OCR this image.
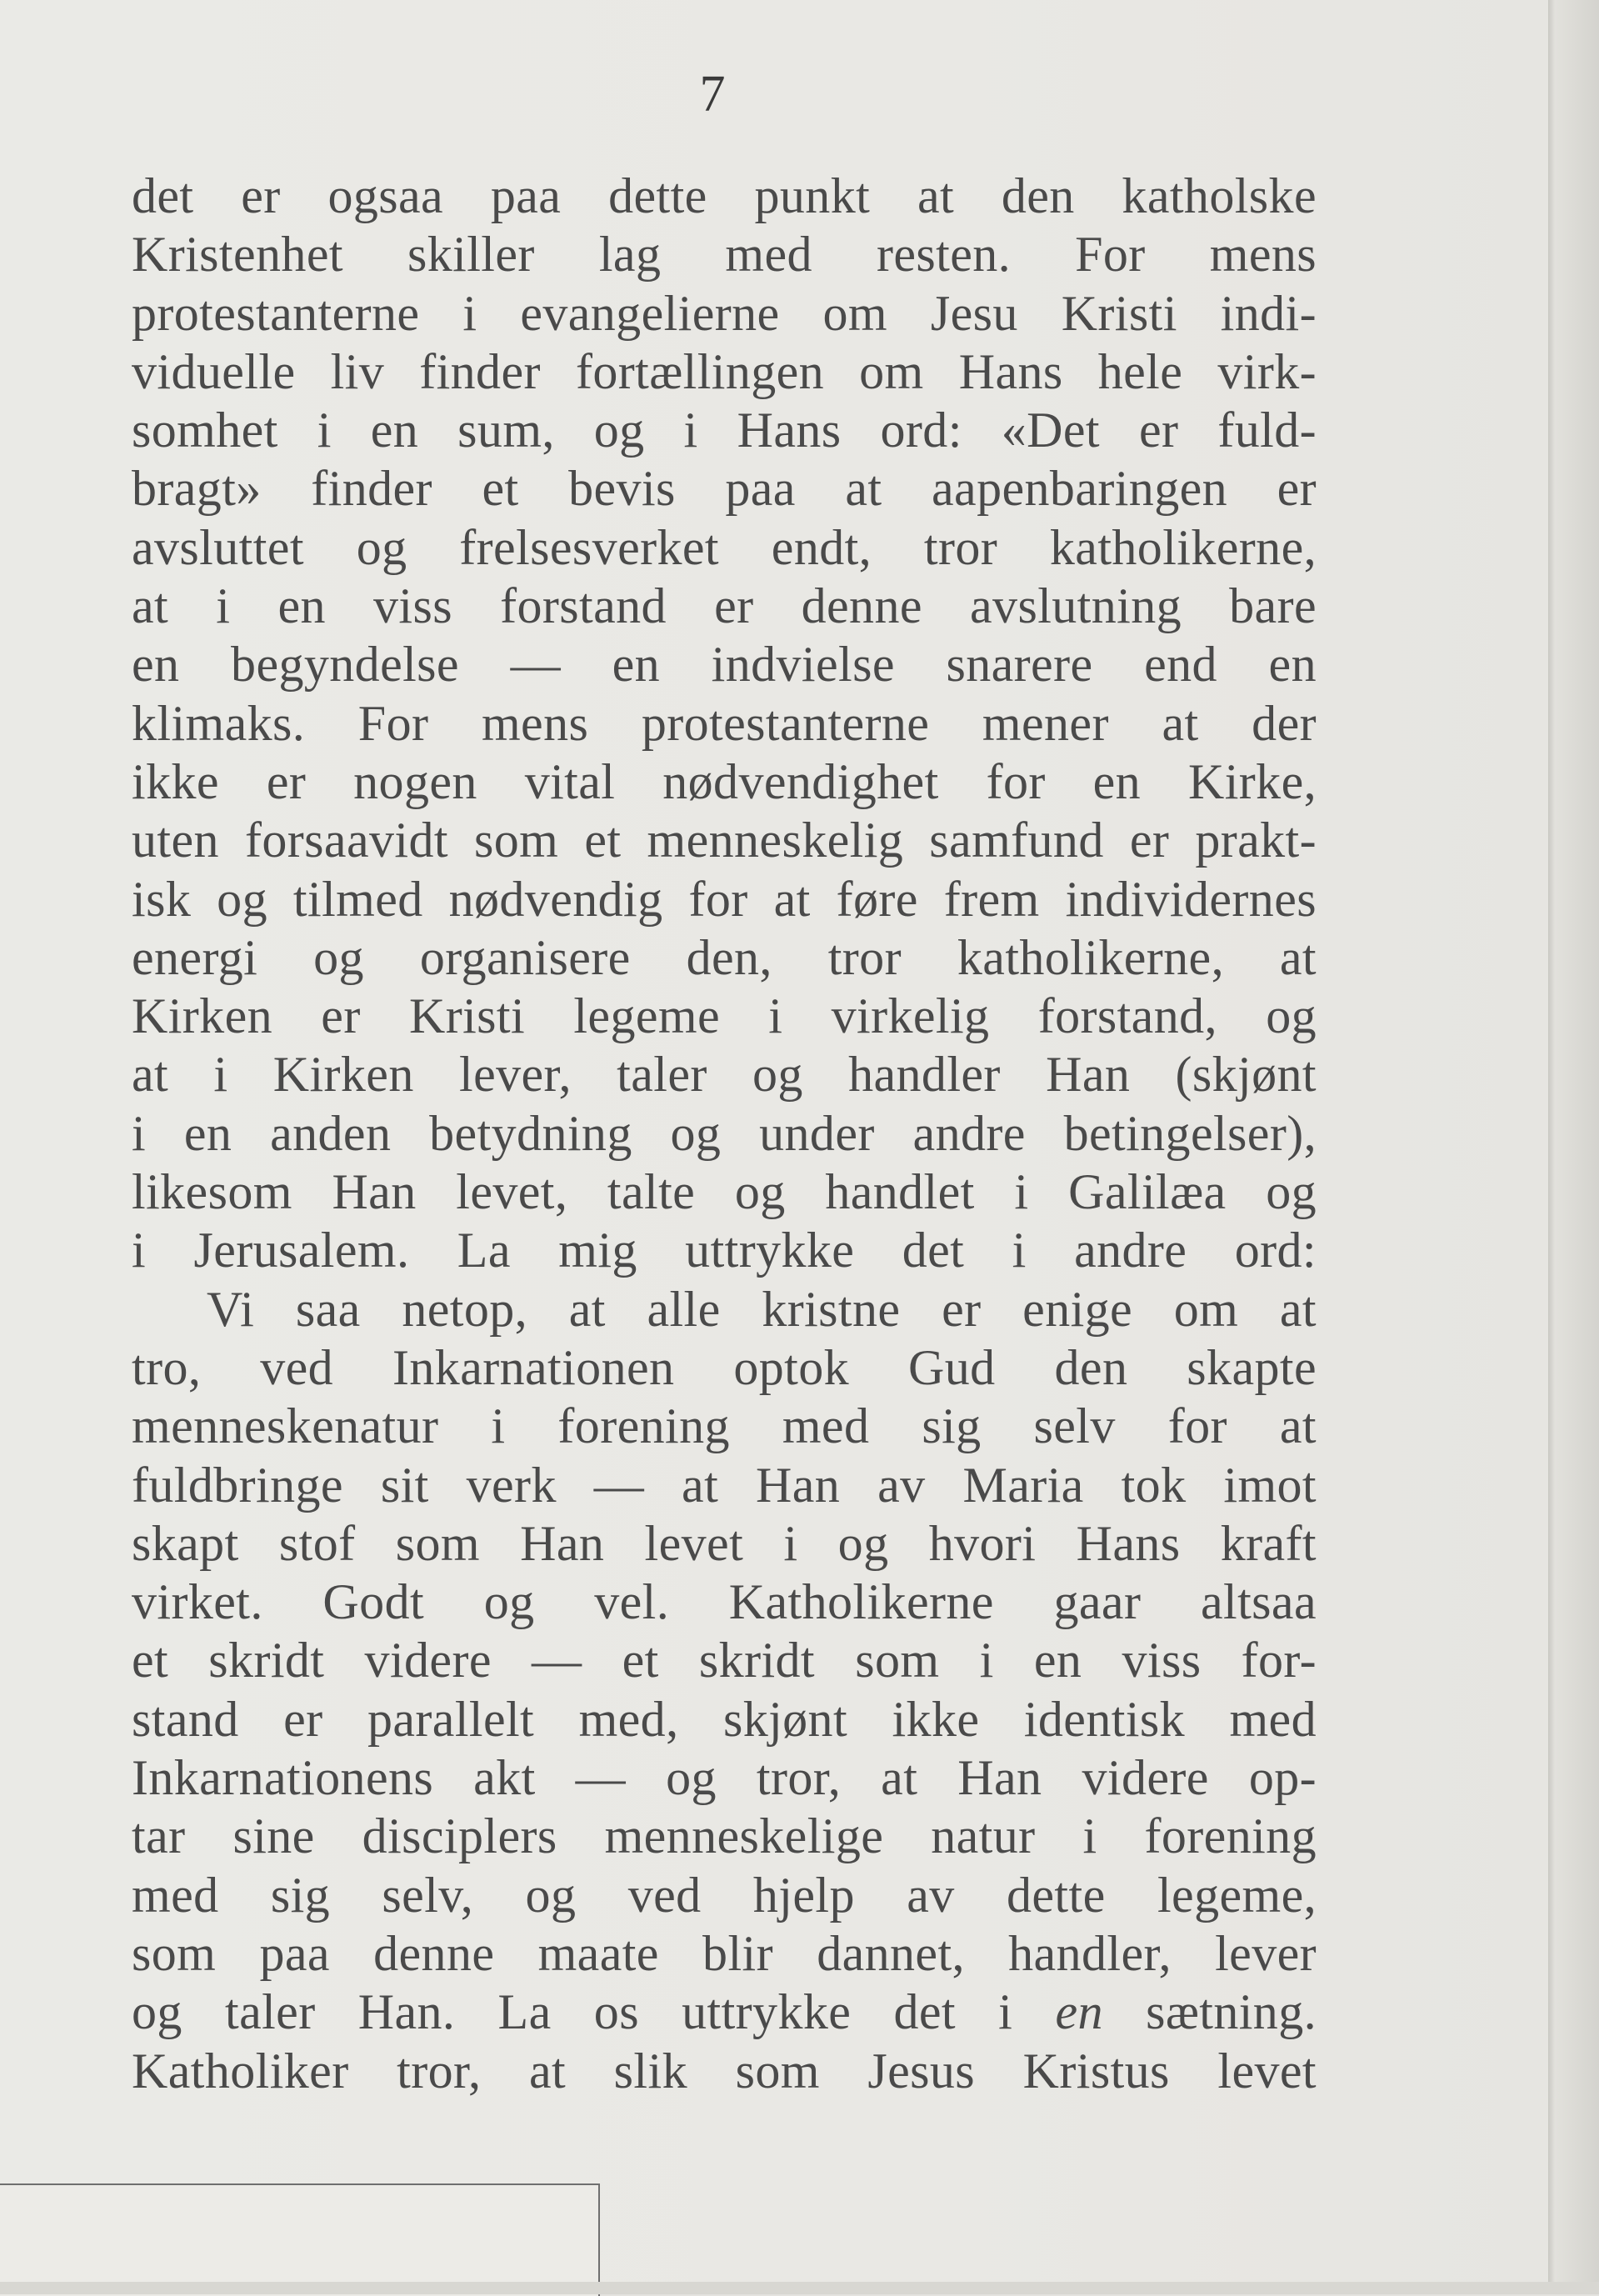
7
det er ogsaa paa dette punkt at den katholske
Kristenhet skiller lag med resten. For mens
protestanterne i evangelierne om Jesu Kristi indi-
viduelle liv finder fortællingen om Hans hele virk-
somhet i en sum, og i Hans ord: «Det er fuld-
bragt» finder et bevis paa at aapenbaringen er
avsluttet og frelsesverket endt, tror katholikerne,
at i en viss forstand er denne avslutning bare
en begyndelse — en indvielse snarere end en
klimaks. For mens protestanterne mener at der
ikke er nogen vital nødvendighet for en Kirke,
uten forsaavidt som et menneskelig samfund er prakt-
isk og tilmed nødvendig for at føre frem individernes
energi og organisere den, tror katholikerne, at
Kirken er Kristi legeme i virkelig forstand, og
at i Kirken lever, taler og handler Han (skjønt
i en anden betydning og under andre betingelser),
likesom Han levet, talte og handlet i Galilæa og
i Jerusalem. La mig uttrykke det i andre ord:
Vi saa netop, at alle kristne er enige om at
tro, ved Inkarnationen optok Gud den skapte
menneskenatur i forening med sig selv for at
fuldbringe sit verk — at Han av Maria tok imot
skapt stof som Han levet i og hvori Hans kraft
virket. Godt og vel. Katholikerne gaar altsaa
et skridt videre — et skridt som i en viss for-
stand er parallelt med, skjønt ikke identisk med
Inkarnationens akt — og tror, at Han videre op-
tar sine disciplers menneskelige natur i forening
med sig selv, og ved hjelp av dette legeme,
som paa denne maate blir dannet, handler, lever
og taler Han. La os uttrykke det i en sætning.
Katholiker tror, at slik som Jesus Kristus levet
